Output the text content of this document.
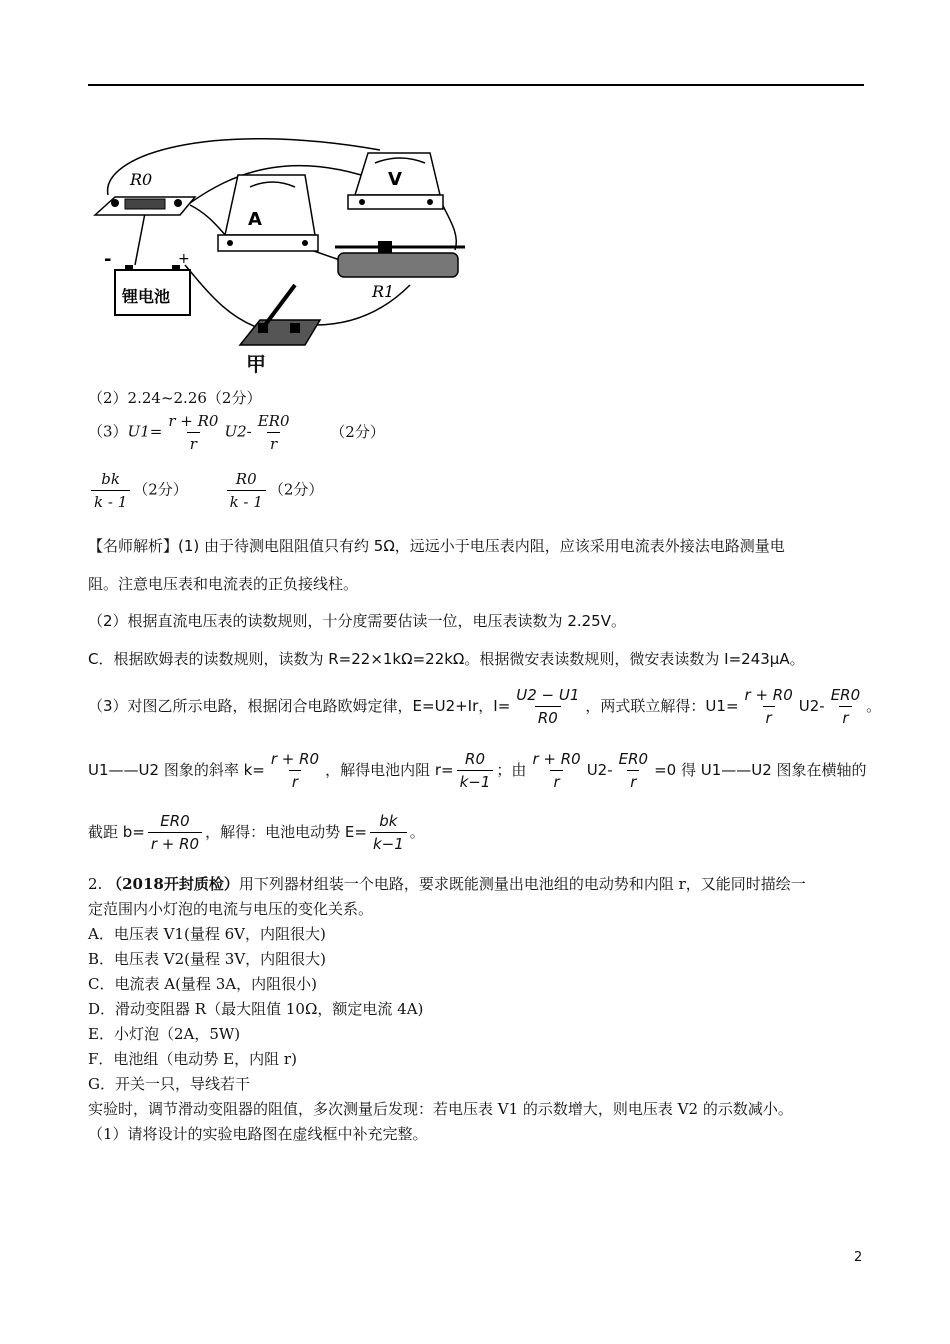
R0	V
A
R1
锂电池
-	+
甲
（2）2.24~2.26（2分）
$(3)U1= \frac{r + R0}{r} U2- \frac{ER0}{r}$	（2分）
$\frac{bk}{k - 1} (2$分）	$\frac{R0}{k - 1} (2$分）
【名师解析】(1) 由于待测电阻阻值只有约 5Ω，远远小于电压表内阻，应该采用电流表外接法电路测量电
阻。注意电压表和电流表的正负接线柱。
（2）根据直流电压表的读数规则，十分度需要估读一位，电压表读数为 2.25V。
C．根据欧姆表的读数规则，读数为 R=22×1kΩ=22kΩ。根据微安表读数规则，微安表读数为 I=243μA。
（3）对图乙所示电路，根据闭合电路欧姆定律，E=U2+Ir，$I= \frac{U2 - U1}{R0}$ ，两式联立解得：$U1= \frac{r + R0}{r} U2- \frac{ER0}{r}$ 。
U1——U2 图象的斜率 $k= \frac{r + R0}{r}$ ，解得电池内阻 $r= \frac{R0}{k-1}$ ；由 $\frac{r + R0}{r} U2- \frac{ER0}{r} =0$ 得 U1——U2 图象在横轴的
截距 $b= \frac{ER0}{r + R0}$ ，解得：电池电动势 $E= \frac{bk}{k-1}$ 。
2. （2018开封质检）用下列器材组装一个电路，要求既能测量出电池组的电动势和内阻 r，又能同时描绘一
定范围内小灯泡的电流与电压的变化关系。
A．电压表 V1(量程 6V，内阻很大)
B．电压表 V2(量程 3V，内阻很大)
C．电流表 A(量程 3A，内阻很小)
D．滑动变阻器 R（最大阻值 10Ω，额定电流 4A)
E．小灯泡（2A，5W)
F．电池组（电动势 E，内阻 r)
G．开关一只，导线若干
实验时，调节滑动变阻器的阻值，多次测量后发现：若电压表 V1 的示数增大，则电压表 V2 的示数减小。
（1）请将设计的实验电路图在虚线框中补充完整。
2
